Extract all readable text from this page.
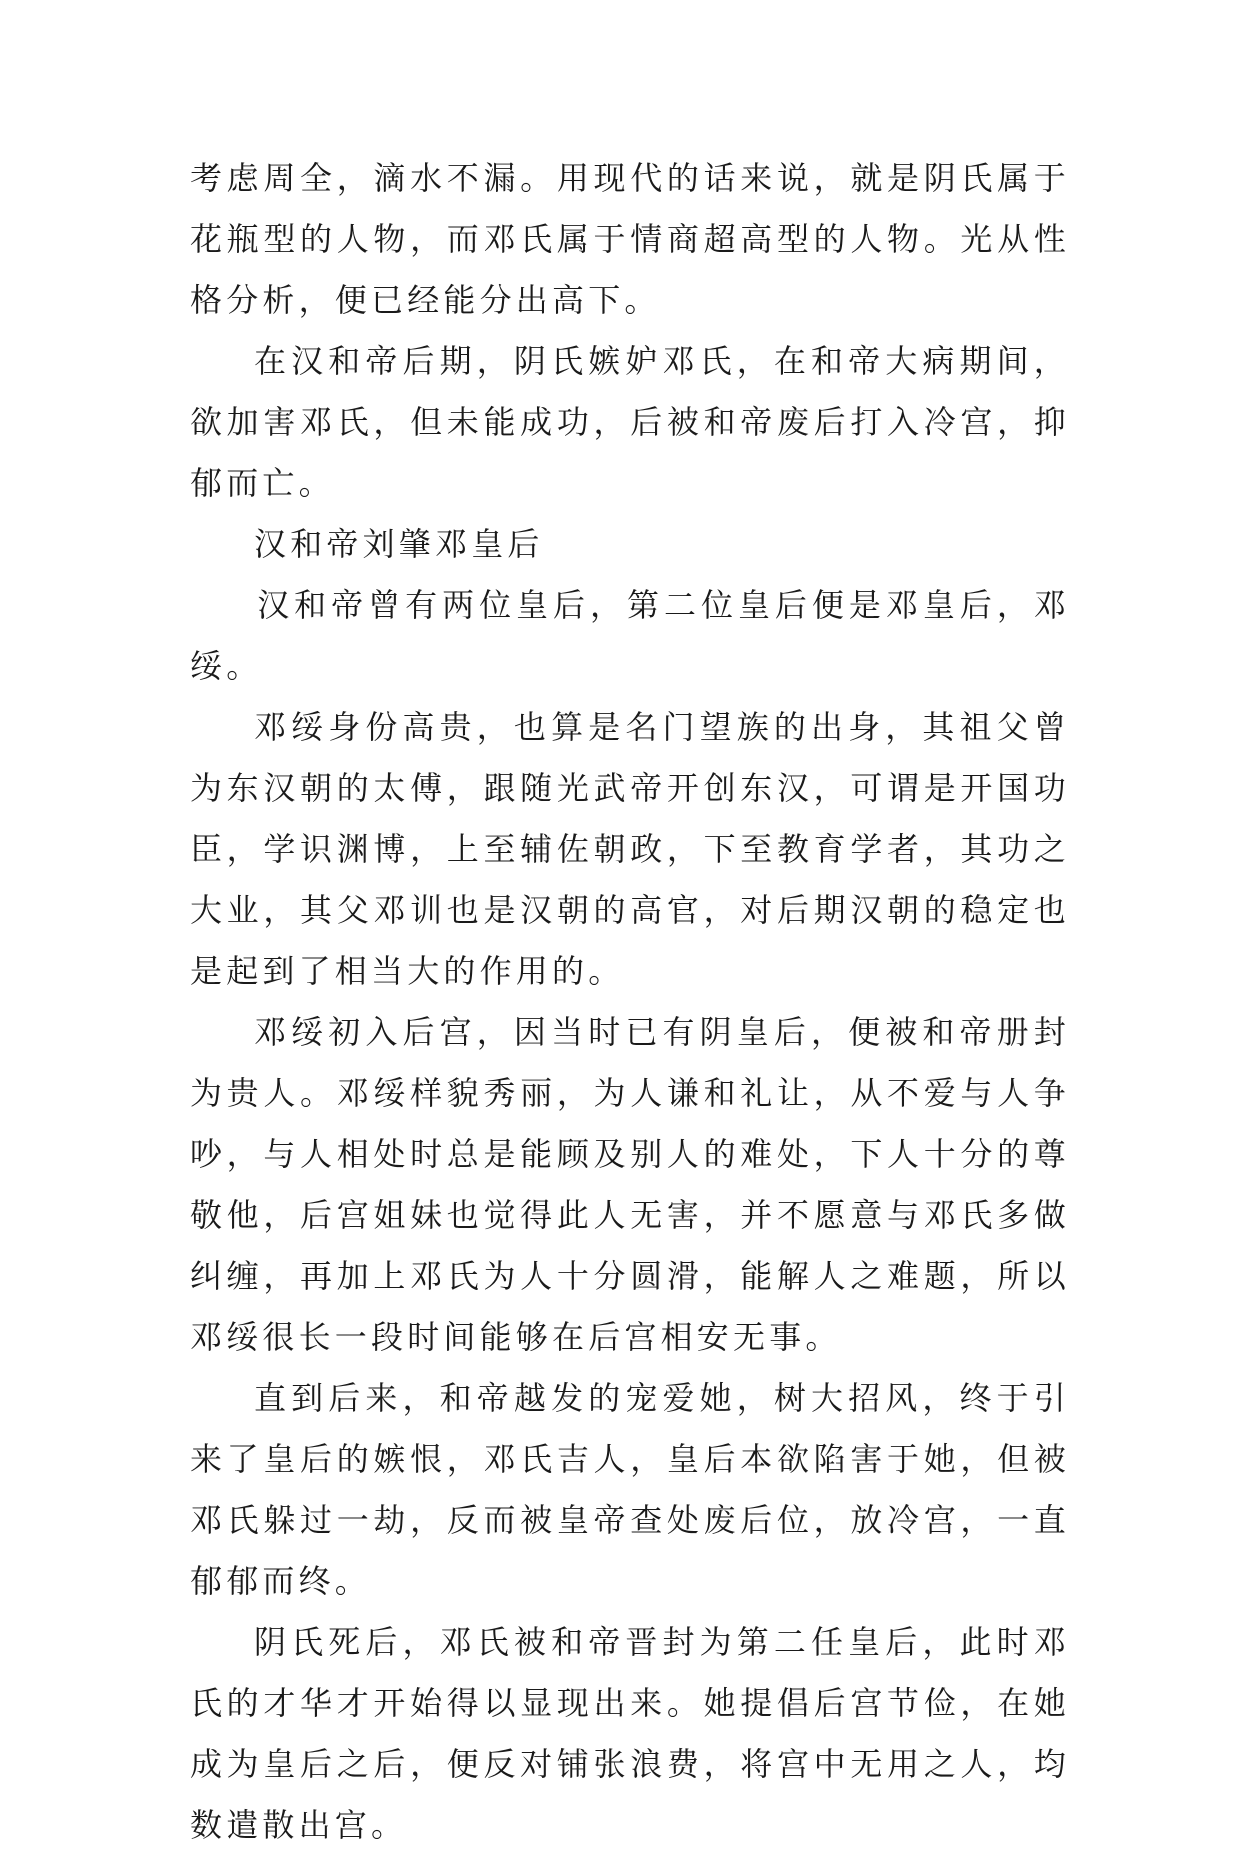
考虑周全，滴水不漏。用现代的话来说，就是阴氏属于花瓶型的人物，而邓氏属于情商超高型的人物。光从性格分析，便已经能分出高下。

在汉和帝后期，阴氏嫉妒邓氏，在和帝大病期间，欲加害邓氏，但未能成功，后被和帝废后打入冷宫，抑郁而亡。

汉和帝刘肇邓皇后

汉和帝曾有两位皇后，第二位皇后便是邓皇后，邓绥。

邓绥身份高贵，也算是名门望族的出身，其祖父曾为东汉朝的太傅，跟随光武帝开创东汉，可谓是开国功臣，学识渊博，上至辅佐朝政，下至教育学者，其功之大业，其父邓训也是汉朝的高官，对后期汉朝的稳定也是起到了相当大的作用的。

邓绥初入后宫，因当时已有阴皇后，便被和帝册封为贵人。邓绥样貌秀丽，为人谦和礼让，从不爱与人争吵，与人相处时总是能顾及别人的难处，下人十分的尊敬他，后宫姐妹也觉得此人无害，并不愿意与邓氏多做纠缠，再加上邓氏为人十分圆滑，能解人之难题，所以邓绥很长一段时间能够在后宫相安无事。

直到后来，和帝越发的宠爱她，树大招风，终于引来了皇后的嫉恨，邓氏吉人，皇后本欲陷害于她，但被邓氏躲过一劫，反而被皇帝查处废后位，放冷宫，一直郁郁而终。

阴氏死后，邓氏被和帝晋封为第二任皇后，此时邓氏的才华才开始得以显现出来。她提倡后宫节俭，在她成为皇后之后，便反对铺张浪费，将宫中无用之人，均数遣散出宫。
